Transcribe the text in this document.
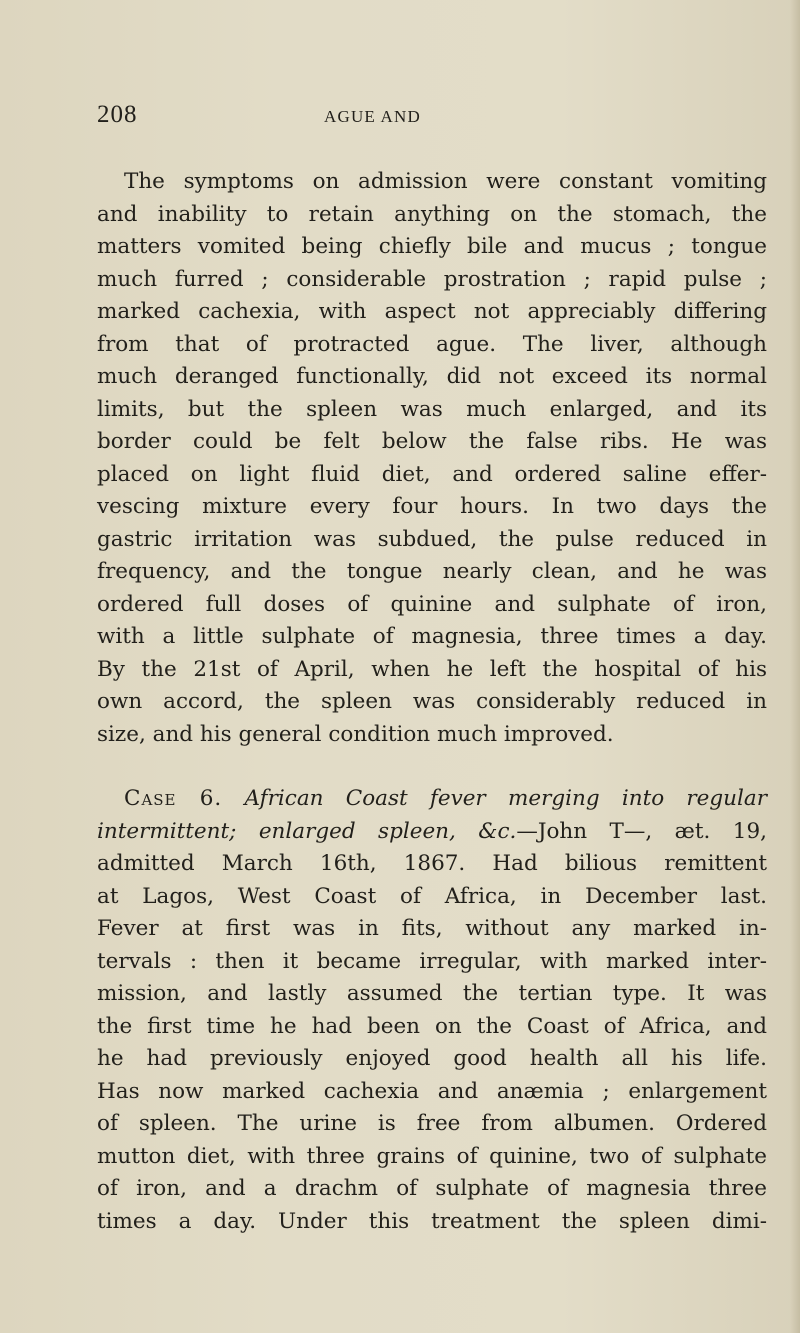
208	AGUE AND
The symptoms on admission were constant vomiting
and inability to retain anything on the stomach, the
matters vomited being chiefly bile and mucus ; tongue
much furred ; considerable prostration ; rapid pulse ;
marked cachexia, with aspect not appreciably differing
from that of protracted ague. The liver, although
much deranged functionally, did not exceed its normal
limits, but the spleen was much enlarged, and its
border could be felt below the false ribs. He was
placed on light fluid diet, and ordered saline effer-
vescing mixture every four hours. In two days the
gastric irritation was subdued, the pulse reduced in
frequency, and the tongue nearly clean, and he was
ordered full doses of quinine and sulphate of iron,
with a little sulphate of magnesia, three times a day.
By the 21st of April, when he left the hospital of his
own accord, the spleen was considerably reduced in
size, and his general condition much improved.
Case 6. African Coast fever merging into regular
intermittent; enlarged spleen, &c.—John T—, æt. 19,
admitted March 16th, 1867. Had bilious remittent
at Lagos, West Coast of Africa, in December last.
Fever at first was in fits, without any marked in-
tervals : then it became irregular, with marked inter-
mission, and lastly assumed the tertian type. It was
the first time he had been on the Coast of Africa, and
he had previously enjoyed good health all his life.
Has now marked cachexia and anæmia ; enlargement
of spleen. The urine is free from albumen. Ordered
mutton diet, with three grains of quinine, two of sulphate
of iron, and a drachm of sulphate of magnesia three
times a day. Under this treatment the spleen dimi-
